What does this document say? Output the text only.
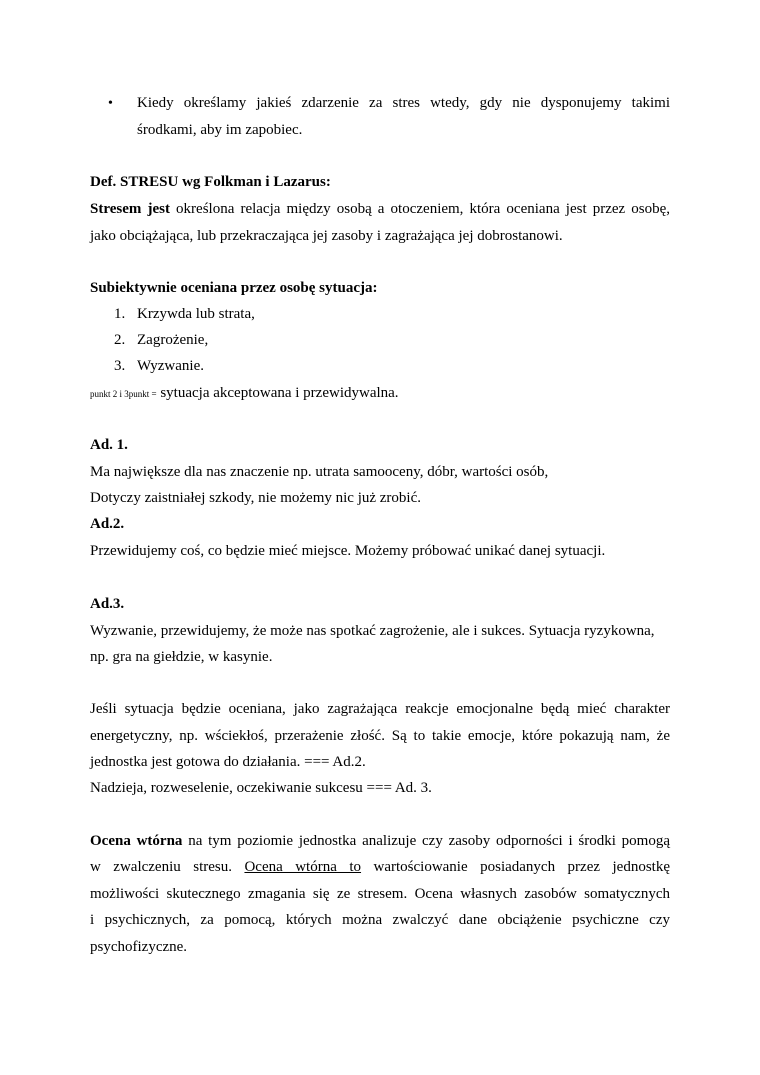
• Kiedy określamy jakieś zdarzenie za stres wtedy, gdy nie dysponujemy takimi
środkami, aby im zapobiec.
Def. STRESU wg Folkman i Lazarus:
Stresem jest określona relacja między osobą a otoczeniem, która oceniana jest przez osobę,
jako obciążająca, lub przekraczająca jej zasoby i zagrażająca jej dobrostanowi.
Subiektywnie oceniana przez osobę sytuacja:
1. Krzywda lub strata,
2. Zagrożenie,
3. Wyzwanie.
punkt 2 i 3punkt = sytuacja akceptowana i przewidywalna.
Ad. 1.
Ma największe dla nas znaczenie np. utrata samooceny, dóbr, wartości osób,
Dotyczy zaistniałej szkody, nie możemy nic już zrobić.
Ad.2.
Przewidujemy coś, co będzie mieć miejsce. Możemy próbować unikać danej sytuacji.
Ad.3.
Wyzwanie, przewidujemy, że może nas spotkać zagrożenie, ale i sukces. Sytuacja ryzykowna,
np. gra na giełdzie, w kasynie.
Jeśli sytuacja będzie oceniana, jako zagrażająca reakcje emocjonalne będą mieć charakter
energetyczny, np. wściekłoś, przerażenie złość. Są to takie emocje, które pokazują nam, że
jednostka jest gotowa do działania. === Ad.2.
Nadzieja, rozweselenie, oczekiwanie sukcesu === Ad. 3.
Ocena wtórna na tym poziomie jednostka analizuje czy zasoby odporności i środki pomogą
w zwalczeniu stresu. Ocena wtórna to wartościowanie posiadanych przez jednostkę
możliwości skutecznego zmagania się ze stresem. Ocena własnych zasobów somatycznych
i psychicznych, za pomocą, których można zwalczyć dane obciążenie psychiczne czy
psychofizyczne.
